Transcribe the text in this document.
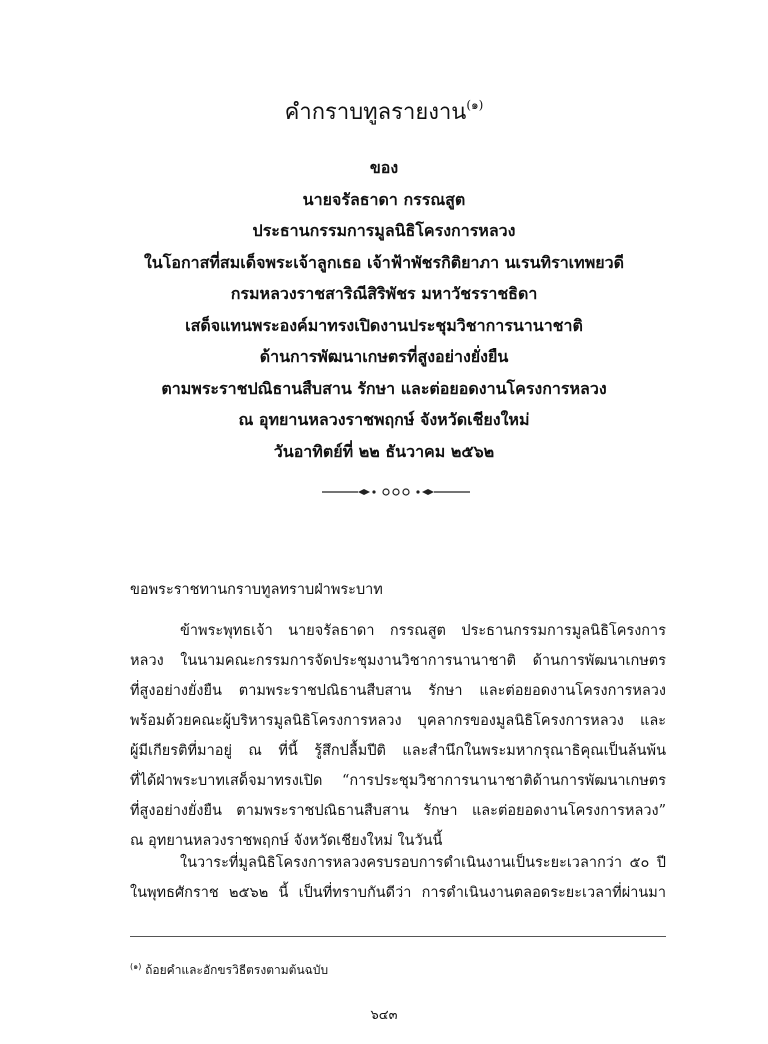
คำกราบทูลรายงาน$^{(๑)}$
ของ
นายจรัลธาดา กรรณสูต
ประธานกรรมการมูลนิธิโครงการหลวง
ในโอกาสที่สมเด็จพระเจ้าลูกเธอ เจ้าฟ้าพัชรกิติยาภา นเรนทิราเทพยวดี
กรมหลวงราชสาริณีสิริพัชร มหาวัชรราชธิดา
เสด็จแทนพระองค์มาทรงเปิดงานประชุมวิชาการนานาชาติ
ด้านการพัฒนาเกษตรที่สูงอย่างยั่งยืน
ตามพระราชปณิธานสืบสาน รักษา และต่อยอดงานโครงการหลวง
ณ อุทยานหลวงราชพฤกษ์ จังหวัดเชียงใหม่
วันอาทิตย์ที่ ๒๒ ธันวาคม ๒๕๖๒
ขอพระราชทานกราบทูลทราบฝ่าพระบาท
ข้าพระพุทธเจ้า นายจรัลธาดา กรรณสูต ประธานกรรมการมูลนิธิโครงการ
หลวง ในนามคณะกรรมการจัดประชุมงานวิชาการนานาชาติ ด้านการพัฒนาเกษตร
ที่สูงอย่างยั่งยืน ตามพระราชปณิธานสืบสาน รักษา และต่อยอดงานโครงการหลวง
พร้อมด้วยคณะผู้บริหารมูลนิธิโครงการหลวง บุคลากรของมูลนิธิโครงการหลวง และ
ผู้มีเกียรติที่มาอยู่ ณ ที่นี้ รู้สึกปลื้มปีติ และสำนึกในพระมหากรุณาธิคุณเป็นล้นพ้น
ที่ได้ฝ่าพระบาทเสด็จมาทรงเปิด “การประชุมวิชาการนานาชาติด้านการพัฒนาเกษตร
ที่สูงอย่างยั่งยืน ตามพระราชปณิธานสืบสาน รักษา และต่อยอดงานโครงการหลวง”
ณ อุทยานหลวงราชพฤกษ์ จังหวัดเชียงใหม่ ในวันนี้
ในวาระที่มูลนิธิโครงการหลวงครบรอบการดำเนินงานเป็นระยะเวลากว่า ๕๐ ปี
ในพุทธศักราช ๒๕๖๒ นี้ เป็นที่ทราบกันดีว่า การดำเนินงานตลอดระยะเวลาที่ผ่านมา
$^{(๑)}$ ถ้อยคำและอักขรวิธีตรงตามต้นฉบับ
๖๔๓
